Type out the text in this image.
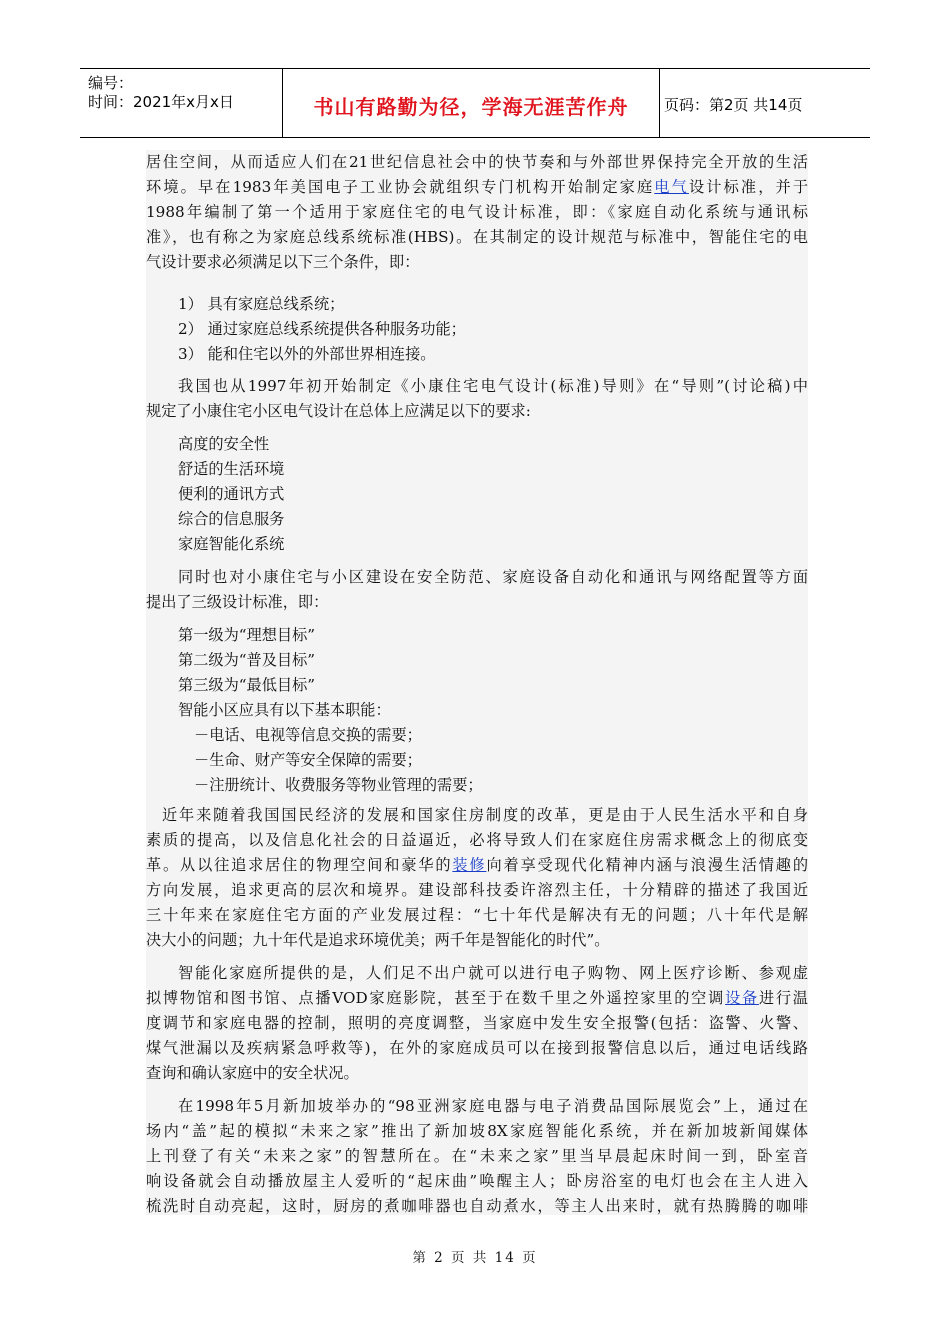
编号：
时间：2021年x月x日	书山有路勤为径，学海无涯苦作舟	页码：第2页 共14页
居住空间，从而适应人们在21世纪信息社会中的快节奏和与外部世界保持完全开放的生活
环境。早在1983年美国电子工业协会就组织专门机构开始制定家庭电气设计标准，并于
1988年编制了第一个适用于家庭住宅的电气设计标准，即：《家庭自动化系统与通讯标
准》，也有称之为家庭总线系统标准(HBS)。在其制定的设计规范与标准中，智能住宅的电
气设计要求必须满足以下三个条件，即：
1） 具有家庭总线系统；
2） 通过家庭总线系统提供各种服务功能；
3） 能和住宅以外的外部世界相连接。
我国也从1997年初开始制定《小康住宅电气设计(标准)导则》在“导则”(讨论稿)中
规定了小康住宅小区电气设计在总体上应满足以下的要求:
高度的安全性
舒适的生活环境
便利的通讯方式
综合的信息服务
家庭智能化系统
同时也对小康住宅与小区建设在安全防范、家庭设备自动化和通讯与网络配置等方面
提出了三级设计标准，即：
第一级为“理想目标”
第二级为“普及目标”
第三级为“最低目标”
智能小区应具有以下基本职能：
－电话、电视等信息交换的需要；
－生命、财产等安全保障的需要；
－注册统计、收费服务等物业管理的需要；
近年来随着我国国民经济的发展和国家住房制度的改革，更是由于人民生活水平和自身
素质的提高，以及信息化社会的日益逼近，必将导致人们在家庭住房需求概念上的彻底变
革。从以往追求居住的物理空间和豪华的装修向着享受现代化精神内涵与浪漫生活情趣的
方向发展，追求更高的层次和境界。建设部科技委许溶烈主任，十分精辟的描述了我国近
三十年来在家庭住宅方面的产业发展过程：“七十年代是解决有无的问题；八十年代是解
决大小的问题；九十年代是追求环境优美；两千年是智能化的时代”。
智能化家庭所提供的是，人们足不出户就可以进行电子购物、网上医疗诊断、参观虚
拟博物馆和图书馆、点播VOD家庭影院，甚至于在数千里之外遥控家里的空调设备进行温
度调节和家庭电器的控制，照明的亮度调整，当家庭中发生安全报警(包括：盗警、火警、
煤气泄漏以及疾病紧急呼救等)，在外的家庭成员可以在接到报警信息以后，通过电话线路
查询和确认家庭中的安全状况。
在1998年5月新加坡举办的“98亚洲家庭电器与电子消费品国际展览会”上，通过在
场内“盖”起的模拟“未来之家”推出了新加坡8X家庭智能化系统，并在新加坡新闻媒体
上刊登了有关“未来之家”的智慧所在。在“未来之家”里当早晨起床时间一到，卧室音
响设备就会自动播放屋主人爱听的“起床曲”唤醒主人；卧房浴室的电灯也会在主人进入
梳洗时自动亮起，这时，厨房的煮咖啡器也自动煮水，等主人出来时，就有热腾腾的咖啡
第 2 页 共 14 页
